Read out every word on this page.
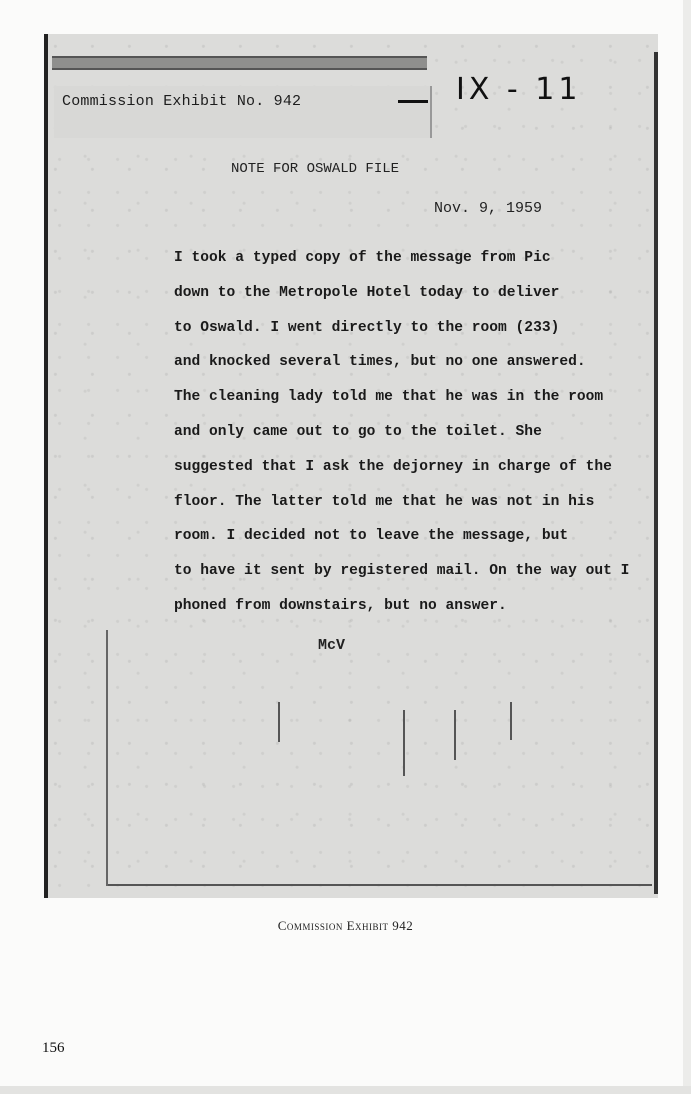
Commission Exhibit No. 942	IX - 11
NOTE FOR OSWALD FILE
Nov. 9, 1959
I took a typed copy of the message from Pic
down to the Metropole Hotel today to deliver
to Oswald. I went directly to the room (233)
and knocked several times, but no one answered.
The cleaning lady told me that he was in the room
and only came out to go to the toilet. She
suggested that I ask the dejorney in charge of the
floor. The latter told me that he was not in his
room. I decided not to leave the message, but
to have it sent by registered mail. On the way out I
phoned from downstairs, but no answer.
McV
Commission Exhibit 942
156
